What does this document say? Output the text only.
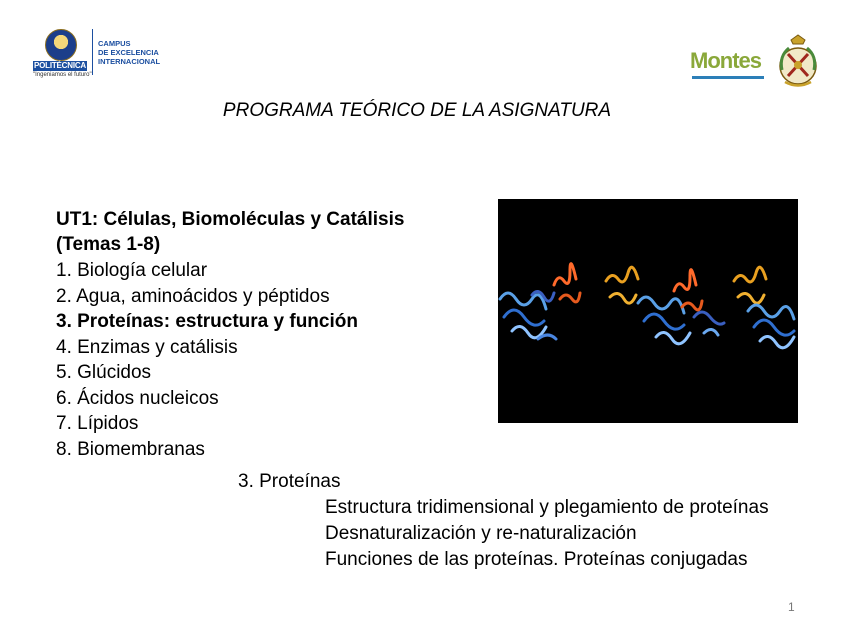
POLITÉCNICA
"Ingeniamos el futuro"
CAMPUS
DE EXCELENCIA
INTERNACIONAL	Montes
PROGRAMA TEÓRICO DE LA ASIGNATURA
UT1: Células, Biomoléculas y Catálisis
(Temas 1-8)
1. Biología celular
2. Agua, aminoácidos y péptidos
3. Proteínas: estructura y función
4. Enzimas y catálisis
5. Glúcidos
6. Ácidos nucleicos
7. Lípidos
8. Biomembranas
3. Proteínas
Estructura tridimensional y plegamiento de proteínas
Desnaturalización y re-naturalización
Funciones de las proteínas. Proteínas conjugadas
1
